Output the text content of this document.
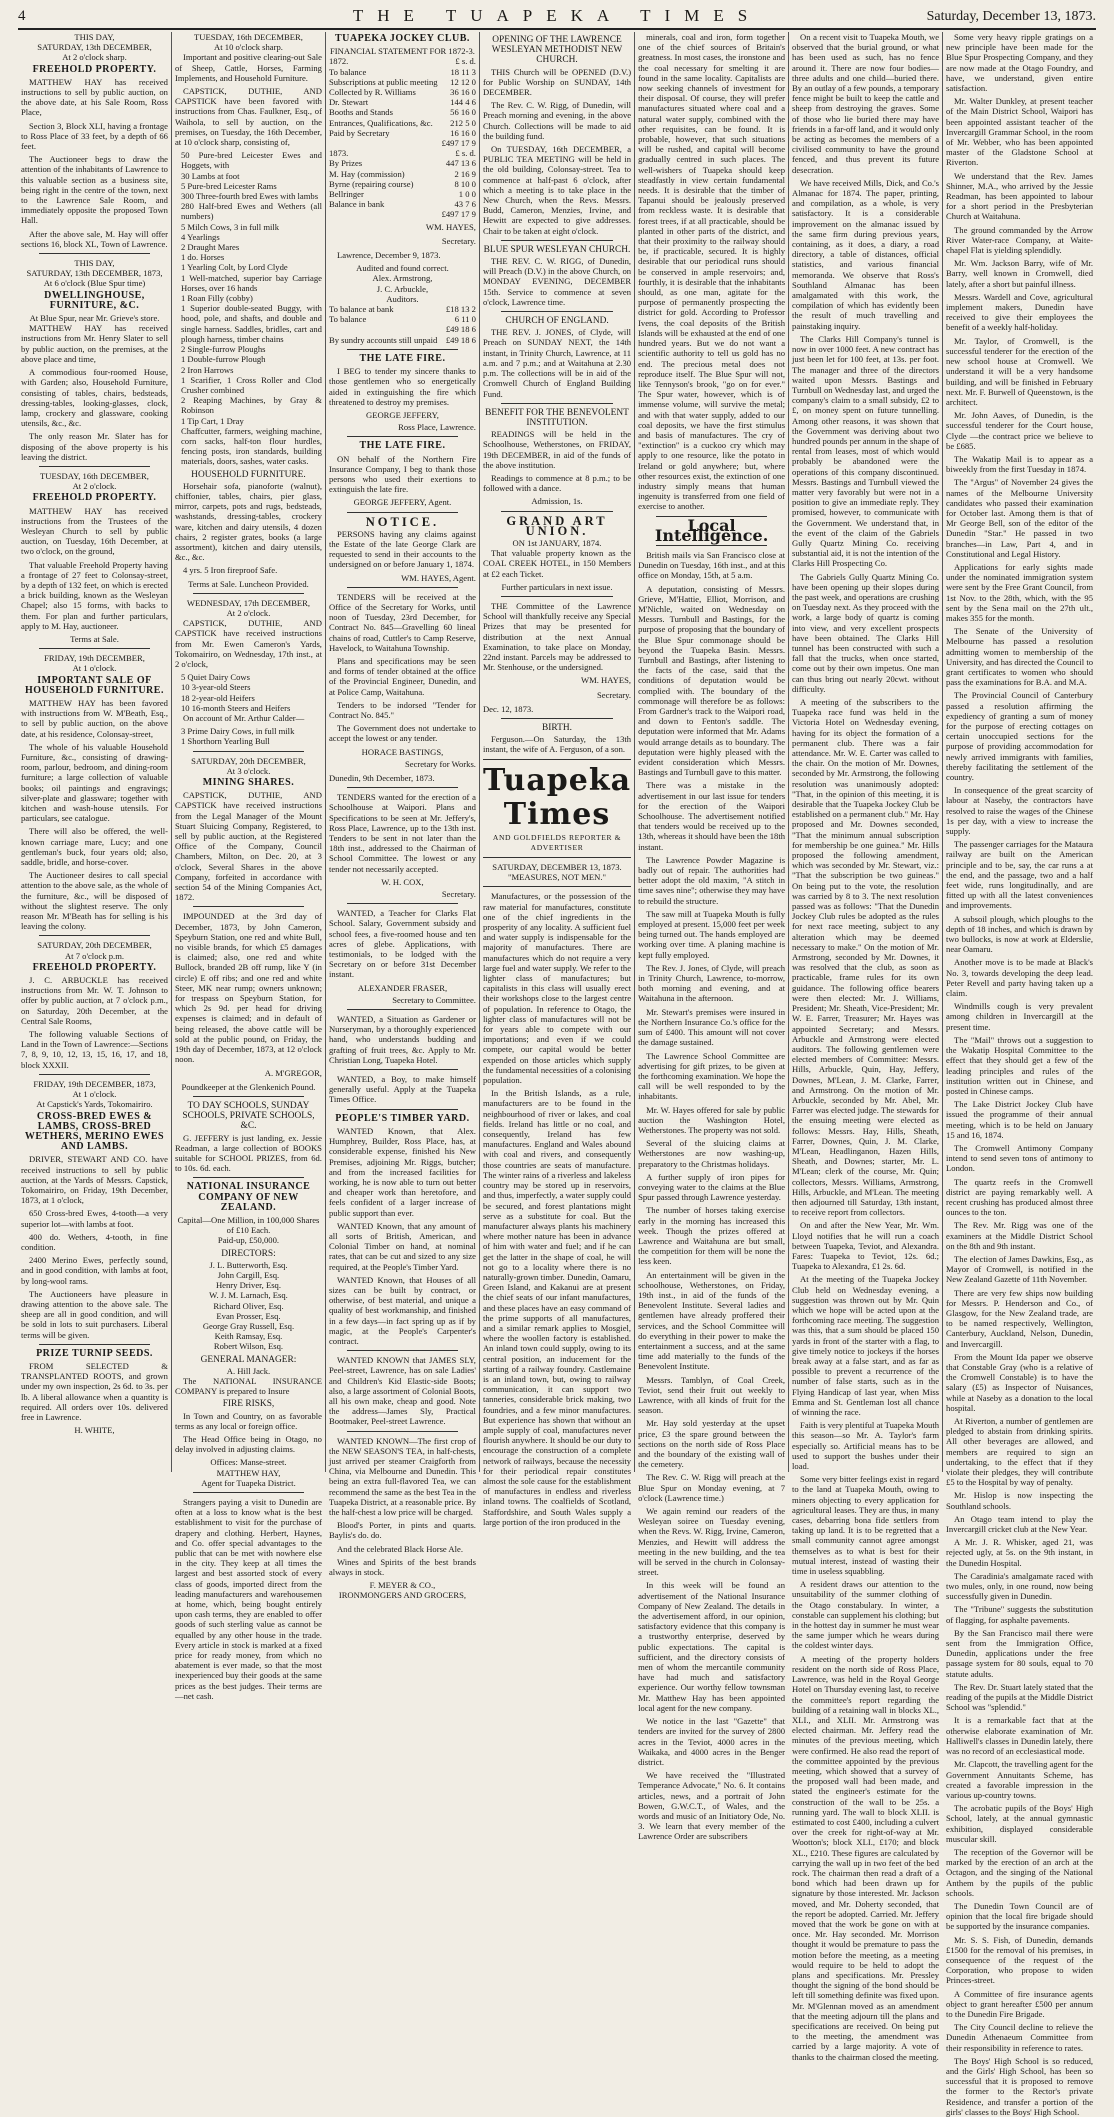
4	THE TUAPEKA TIMES	Saturday, December 13, 1873.
THIS DAY,
SATURDAY, 13th DECEMBER,
At 2 o'clock sharp.
FREEHOLD PROPERTY.

MATTHEW HAY has received instructions to sell by public auction, on the above date, at his Sale Room, Ross Place,

Section 3, Block XLI, having a frontage to Ross Place of 33 feet, by a depth of 66 feet.

The Auctioneer begs to draw the attention of the inhabitants of Lawrence to this valuable section as a business site, being right in the centre of the town, next to the Lawrence Sale Room, and immediately opposite the proposed Town Hall.

After the above sale, M. Hay will offer sections 16, block XL, Town of Lawrence.

THIS DAY,
SATURDAY, 13th DECEMBER, 1873,
At 6 o'clock (Blue Spur time)
DWELLINGHOUSE, FURNITURE, &C.
At Blue Spur, near Mr. Grieve's store.

MATTHEW HAY has received instructions from Mr. Henry Slater to sell by public auction, on the premises, at the above place and time,

A commodious four-roomed House, with Garden; also, Household Furniture, consisting of tables, chairs, bedsteads, dressing-tables, looking-glasses, clock, lamp, crockery and glassware, cooking utensils, &c., &c.

The only reason Mr. Slater has for disposing of the above property is his leaving the district.

TUESDAY, 16th DECEMBER,
At 2 o'clock.
FREEHOLD PROPERTY.

MATTHEW HAY has received instructions from the Trustees of the Wesleyan Church to sell by public auction, on Tuesday, 16th December, at two o'clock, on the ground,

That valuable Freehold Property having a frontage of 27 feet to Colonsay-street, by a depth of 132 feet, on which is erected a brick building, known as the Wesleyan Chapel; also 15 forms, with backs to them. For plan and further particulars, apply to M. Hay, auctioneer.

Terms at Sale.
FRIDAY, 19th DECEMBER,
At 1 o'clock.
IMPORTANT SALE OF HOUSEHOLD FURNITURE.

MATTHEW HAY has been favored with instructions from W. M'Beath, Esq., to sell by public auction, on the above date, at his residence, Colonsay-street,

The whole of his valuable Household Furniture, &c., consisting of drawing-room, parlour, bedroom, and dining-room furniture; a large collection of valuable books; oil paintings and engravings; silver-plate and glassware; together with kitchen and wash-house utensils. For particulars, see catalogue.

There will also be offered, the well-known carriage mare, Lucy; and one gentleman's buck, four years old; also, saddle, bridle, and horse-cover.

The Auctioneer desires to call special attention to the above sale, as the whole of the furniture, &c., will be disposed of without the slightest reserve. The only reason Mr. M'Beath has for selling is his leaving the colony.

SATURDAY, 20th DECEMBER,
At 7 o'clock p.m.
FREEHOLD PROPERTY.

J. C. ARBUCKLE has received instructions from Mr. W. T. Johnson to offer by public auction, at 7 o'clock p.m., on Saturday, 20th December, at the Central Sale Rooms,

The following valuable Sections of Land in the Town of Lawrence:—Sections 7, 8, 9, 10, 12, 13, 15, 16, 17, and 18, block XXXII.

FRIDAY, 19th DECEMBER, 1873,
At 1 o'clock.
At Capstick's Yards, Tokomairiro.
CROSS-BRED EWES & LAMBS, CROSS-BRED WETHERS, MERINO EWES AND LAMBS.

DRIVER, STEWART AND CO. have received instructions to sell by public auction, at the Yards of Messrs. Capstick, Tokomairiro, on Friday, 19th December, 1873, at 1 o'clock,

650 Cross-bred Ewes, 4-tooth—a very superior lot—with lambs at foot.

400 do. Wethers, 4-tooth, in fine condition.

2400 Merino Ewes, perfectly sound, and in good condition, with lambs at foot, by long-wool rams.

The Auctioneers have pleasure in drawing attention to the above sale. The sheep are all in good condition, and will be sold in lots to suit purchasers. Liberal terms will be given.

PRIZE TURNIP SEEDS.

FROM SELECTED & TRANSPLANTED ROOTS, and grown under my own inspection, 2s 6d. to 3s. per lb. A liberal allowance when a quantity is required. All orders over 10s. delivered free in Lawrence.

H. WHITE,
TUESDAY, 16th DECEMBER,
At 10 o'clock sharp.

Important and positive clearing-out Sale of Sheep, Cattle, Horses, Farming Implements, and Household Furniture.

CAPSTICK, DUTHIE, AND CAPSTICK have been favored with instructions from Chas. Faulkner, Esq., of Waihola, to sell by auction, on the premises, on Tuesday, the 16th December, at 10 o'clock sharp, consisting of,

50 Pure-bred Leicester Ewes and Hoggets, with
30 Lambs at foot
5 Pure-bred Leicester Rams
300 Three-fourth bred Ewes with lambs
280 Half-bred Ewes and Wethers (all numbers)
5 Milch Cows, 3 in full milk
4 Yearlings
2 Draught Mares
1 do. Horses
1 Yearling Colt, by Lord Clyde
1 Well-matched, superior bay Carriage Horses, over 16 hands
1 Roan Filly (cobby)
1 Superior double-seated Buggy, with hood, pole, and shafts, and double and single harness. Saddles, bridles, cart and plough harness, timber chains
2 Single-furrow Ploughs
1 Double-furrow Plough
2 Iron Harrows
1 Scarifier, 1 Cross Roller and Clod Crusher combined
2 Reaping Machines, by Gray & Robinson
1 Tip Cart, 1 Dray
Chaffcutter, farmers, weighing machine, corn sacks, half-ton flour hurdles, fencing posts, iron standards, building materials, doors, sashes, water casks.
HOUSEHOLD FURNITURE.

Horsehair sofa, pianoforte (walnut), chiffonier, tables, chairs, pier glass, mirror, carpets, pots and rugs, bedsteads, washstands, dressing-tables, crockery ware, kitchen and dairy utensils, 4 dozen chairs, 2 register grates, books (a large assortment), kitchen and dairy utensils, &c., &c.

4 yrs. 5 Iron fireproof Safe.

Terms at Sale. Luncheon Provided.
WEDNESDAY, 17th DECEMBER,
At 2 o'clock.

CAPSTICK, DUTHIE, AND CAPSTICK have received instructions from Mr. Ewen Cameron's Yards, Tokomairiro, on Wednesday, 17th inst., at 2 o'clock,

5 Quiet Dairy Cows
10 3-year-old Steers
18 2-year-old Heifers
10 16-month Steers and Heifers

On account of Mr. Arthur Calder—

3 Prime Dairy Cows, in full milk
1 Shorthorn Yearling Bull
SATURDAY, 20th DECEMBER,
At 3 o'clock.
MINING SHARES.

CAPSTICK, DUTHIE, AND CAPSTICK have received instructions from the Legal Manager of the Mount Stuart Sluicing Company, Registered, to sell by public auction, at the Registered Office of the Company, Council Chambers, Milton, on Dec. 20, at 3 o'clock, Several Shares in the above Company, forfeited in accordance with section 54 of the Mining Companies Act, 1872.

IMPOUNDED at the 3rd day of December, 1873, by John Cameron, Speyburn Station, one red and white Bull, no visible brands, for which £5 damages is claimed; also, one red and white Bullock, branded 2B off rump, like Y (in circle) E off ribs; and one red and white Steer, MK near rump; owners unknown; for trespass on Speyburn Station, for which 2s 9d. per head for driving expenses is claimed; and in default of being released, the above cattle will be sold at the public pound, on Friday, the 19th day of December, 1873, at 12 o'clock noon.

A. M'GREGOR,
Poundkeeper at the Glenkenich Pound.
TO DAY SCHOOLS, SUNDAY SCHOOLS, PRIVATE SCHOOLS, &C.

G. JEFFERY is just landing, ex. Jessie Readman, a large collection of BOOKS suitable for SCHOOL PRIZES, from 6d. to 10s. 6d. each.

NATIONAL INSURANCE COMPANY OF NEW ZEALAND.
Capital—One Million, in 100,000 Shares of £10 Each.
Paid-up, £50,000.
DIRECTORS:
J. L. Butterworth, Esq.
John Cargill, Esq.
Henry Driver, Esq.
W. J. M. Larnach, Esq.
Richard Oliver, Esq.
Evan Prosser, Esq.
George Gray Russell, Esq.
Keith Ramsay, Esq.
Robert Wilson, Esq.
GENERAL MANAGER:
A. Hill Jack.

The NATIONAL INSURANCE COMPANY is prepared to Insure

FIRE RISKS,

In Town and Country, on as favorable terms as any local or foreign office.

The Head Office being in Otago, no delay involved in adjusting claims.

Offices: Manse-street.
MATTHEW HAY,
Agent for Tuapeka District.

Strangers paying a visit to Dunedin are often at a loss to know what is the best establishment to visit for the purchase of drapery and clothing. Herbert, Haynes, and Co. offer special advantages to the public that can be met with nowhere else in the city. They keep at all times the largest and best assorted stock of every class of goods, imported direct from the leading manufacturers and warehousemen at home, which, being bought entirely upon cash terms, they are enabled to offer goods of such sterling value as cannot be equalled by any other house in the trade. Every article in stock is marked at a fixed price for ready money, from which no abatement is ever made, so that the most inexperienced buy their goods at the same prices as the best judges. Their terms are—net cash.

TUAPEKA JOCKEY CLUB.
FINANCIAL STATEMENT FOR 1872-3.
1872.	£ s. d.
To balance	18 11 3
Subscriptions at public meeting 12 12 0
Collected by R. Williams	36 16 0
Dr. Stewart	144 4 6
Booths and Stands	56 16 0
Entrances, Qualifications, &c. 212 5 0
Paid by Secretary	16 16 0
£497 17 9
1873.	£ s. d.
By Prizes	447 13 6
M. Hay (commission)	2 16 9
Byrne (repairing course)	8 10 0
Bellringer	1 0 0
Balance in bank	43 7 6
£497 17 9
WM. HAYES,
Secretary.

Lawrence, December 9, 1873.

Audited and found correct.
Alex. Armstrong,
J. C. Arbuckle,
Auditors.
To balance at bank	£18 13 2
To balance	6 11 0
£49 18 6
By sundry accounts still unpaid £49 18 6
THE LATE FIRE.

I BEG to tender my sincere thanks to those gentlemen who so energetically aided in extinguishing the fire which threatened to destroy my premises.

GEORGE JEFFERY,
Ross Place, Lawrence.
THE LATE FIRE.

ON behalf of the Northern Fire Insurance Company, I beg to thank those persons who used their exertions to extinguish the late fire.

GEORGE JEFFERY, Agent.
NOTICE.

PERSONS having any claims against the Estate of the late George Clark are requested to send in their accounts to the undersigned on or before January 1, 1874.

WM. HAYES, Agent.

TENDERS will be received at the Office of the Secretary for Works, until noon of Tuesday, 23rd December, for Contract No. 845—Gravelling 60 lineal chains of road, Cuttler's to Camp Reserve, Havelock, to Waitahuna Township.

Plans and specifications may be seen and forms of tender obtained at the office of the Provincial Engineer, Dunedin, and at Police Camp, Waitahuna.

Tenders to be indorsed "Tender for Contract No. 845."

The Government does not undertake to accept the lowest or any tender.

HORACE BASTINGS,
Secretary for Works.
Dunedin, 9th December, 1873.

TENDERS wanted for the erection of a Schoolhouse at Waipori. Plans and Specifications to be seen at Mr. Jeffery's, Ross Place, Lawrence, up to the 13th inst. Tenders to be sent in not later than the 18th inst., addressed to the Chairman of School Committee. The lowest or any tender not necessarily accepted.

W. H. COX,
Secretary.

WANTED, a Teacher for Clarks Flat School. Salary, Government subsidy and school fees, a five-roomed house and ten acres of glebe. Applications, with testimonials, to be lodged with the Secretary on or before 31st December instant.

ALEXANDER FRASER,
Secretary to Committee.

WANTED, a Situation as Gardener or Nurseryman, by a thoroughly experienced hand, who understands budding and grafting of fruit trees, &c. Apply to Mr. Christian Long, Tuapeka Hotel.

WANTED, a Boy, to make himself generally useful. Apply at the Tuapeka Times Office.

PEOPLE'S TIMBER YARD.

WANTED Known, that Alex. Humphrey, Builder, Ross Place, has, at considerable expense, finished his New Premises, adjoining Mr. Riggs, butcher; and from the increased facilities for working, he is now able to turn out better and cheaper work than heretofore, and feels confident of a larger increase of public support than ever.

WANTED Known, that any amount of all sorts of British, American, and Colonial Timber on hand, at nominal rates, that can be cut and sized to any size required, at the People's Timber Yard.

WANTED Known, that Houses of all sizes can be built by contract, or otherwise, of best material, and unique a quality of best workmanship, and finished in a few days—in fact spring up as if by magic, at the People's Carpenter's contract.

WANTED KNOWN that JAMES SLY, Peel-street, Lawrence, has on sale Ladies' and Children's Kid Elastic-side Boots; also, a large assortment of Colonial Boots, all his own make, cheap and good. Note the address—James Sly, Practical Bootmaker, Peel-street Lawrence.

WANTED KNOWN—The first crop of the NEW SEASON'S TEA, in half-chests, just arrived per steamer Craigforth from China, via Melbourne and Dunedin. This being an extra full-flavored Tea, we can recommend the same as the best Tea in the Tuapeka District, at a reasonable price. By the half-chest a low price will be charged.

Blood's Porter, in pints and quarts. Baylis's do. do.

And the celebrated Black Horse Ale.

Wines and Spirits of the best brands always in stock.

F. MEYER & CO.,
IRONMONGERS AND GROCERS,
OPENING OF THE LAWRENCE WESLEYAN METHODIST NEW CHURCH.

THIS Church will be OPENED (D.V.) for Public Worship on SUNDAY, 14th DECEMBER.

The Rev. C. W. Rigg, of Dunedin, will Preach morning and evening, in the above Church. Collections will be made to aid the building fund.

On TUESDAY, 16th DECEMBER, a PUBLIC TEA MEETING will be held in the old building, Colonsay-street. Tea to commence at half-past 6 o'clock, after which a meeting is to take place in the New Church, when the Revs. Messrs. Budd, Cameron, Menzies, Irvine, and Hewitt are expected to give addresses. Chair to be taken at eight o'clock.

BLUE SPUR WESLEYAN CHURCH.

THE REV. C. W. RIGG, of Dunedin, will Preach (D.V.) in the above Church, on MONDAY EVENING, DECEMBER 15th. Service to commence at seven o'clock, Lawrence time.

CHURCH OF ENGLAND.

THE REV. J. JONES, of Clyde, will Preach on SUNDAY NEXT, the 14th instant, in Trinity Church, Lawrence, at 11 a.m. and 7 p.m.; and at Waitahuna at 2.30 p.m. The collections will be in aid of the Cromwell Church of England Building Fund.

BENEFIT FOR THE BENEVOLENT INSTITUTION.

READINGS will be held in the Schoolhouse, Wetherstones, on FRIDAY, 19th DECEMBER, in aid of the funds of the above institution.

Readings to commence at 8 p.m.; to be followed with a dance.

Admission, 1s.
GRAND ART UNION.
ON 1st JANUARY, 1874.

That valuable property known as the COAL CREEK HOTEL, in 150 Members at £2 each Ticket.

Further particulars in next issue.

THE Committee of the Lawrence School will thankfully receive any Special Prizes that may be presented for distribution at the next Annual Examination, to take place on Monday, 22nd instant. Parcels may be addressed to Mr. Stenhouse, or the undersigned.

WM. HAYES,
Secretary.
Dec. 12, 1873.
BIRTH.

Ferguson.—On Saturday, the 13th instant, the wife of A. Ferguson, of a son.

Tuapeka Times
AND GOLDFIELDS REPORTER & ADVERTISER
SATURDAY, DECEMBER 13, 1873.
"MEASURES, NOT MEN."

Manufactures, or the possession of the raw material for manufactures, constitute one of the chief ingredients in the prosperity of any locality. A sufficient fuel and water supply is indispensable for the majority of manufactures. There are manufactures which do not require a very large fuel and water supply. We refer to the lighter class of manufactures; but capitalists in this class will usually erect their workshops close to the largest centre of population. In reference to Otago, the lighter class of manufactures will not be for years able to compete with our importations; and even if we could compete, our capital would be better expended on those articles which supply the fundamental necessities of a colonising population.

In the British Islands, as a rule, manufacturers are to be found in the neighbourhood of river or lakes, and coal fields. Ireland has little or no coal, and consequently, Ireland has few manufactures. England and Wales abound with coal and rivers, and consequently those countries are seats of manufacture. The winter rains of a riverless and lakeless country may be stored up in reservoirs, and thus, imperfectly, a water supply could be secured, and forest plantations might serve as a substitute for coal. But the manufacturer always plants his machinery where mother nature has been in advance of him with water and fuel; and if he can get the latter in the shape of coal, he will not go to a locality where there is no naturally-grown timber. Dunedin, Oamaru, Green Island, and Kakanui are at present the chief seats of our infant manufactures, and these places have an easy command of the prime supports of all manufactures, and a similar remark applies to Mosgiel, where the woollen factory is established. An inland town could supply, owing to its central position, an inducement for the starting of a railway foundry. Castlemaine is an inland town, but, owing to railway communication, it can support two tanneries, considerable brick making, two foundries, and a few minor manufactures. But experience has shown that without an ample supply of coal, manufactures never flourish anywhere. It should be our duty to encourage the construction of a complete network of railways, because the necessity for their periodical repair constitutes almost the sole cause for the establishment of manufactures in endless and riverless inland towns. The coalfields of Scotland, Staffordshire, and South Wales supply a large portion of the iron produced in the

minerals, coal and iron, form together one of the chief sources of Britain's greatness. In most cases, the ironstone and the coal necessary for smelting it are found in the same locality. Capitalists are now seeking channels of investment for their disposal. Of course, they will prefer manufactures situated where coal and a natural water supply, combined with the other requisites, can be found. It is probable, however, that such situations will be rushed, and capital will become gradually centred in such places. The well-wishers of Tuapeka should keep steadfastly in view certain fundamental needs. It is desirable that the timber of Tapanui should be jealously preserved from reckless waste. It is desirable that forest trees, if at all practicable, should be planted in other parts of the district, and that their proximity to the railway should be, if practicable, secured. It is highly desirable that our periodical runs should be conserved in ample reservoirs; and, fourthly, it is desirable that the inhabitants should, as one man, agitate for the purpose of permanently prospecting the district for gold. According to Professor Ivens, the coal deposits of the British Islands will be exhausted at the end of one hundred years. But we do not want a scientific authority to tell us gold has no end. The precious metal does not reproduce itself. The Blue Spur will not, like Tennyson's brook, "go on for ever." The Spur water, however, which is of immense volume, will survive the metal; and with that water supply, added to our coal deposits, we have the first stimulus and basis of manufactures. The cry of "extinction" is a cuckoo cry which may apply to one resource, like the potato in Ireland or gold anywhere; but, where other resources exist, the extinction of one industry simply means that human ingenuity is transferred from one field of exercise to another.

Local Intelligence.

British mails via San Francisco close at Dunedin on Tuesday, 16th inst., and at this office on Monday, 15th, at 5 a.m.

A deputation, consisting of Messrs. Grieve, M'Hattie, Elliot, Morrison, and M'Nichle, waited on Wednesday on Messrs. Turnbull and Bastings, for the purpose of proposing that the boundary of the Blue Spur commonage should be beyond the Tuapeka Basin. Messrs. Turnbull and Bastings, after listening to the facts of the case, said that the conditions of deputation would be complied with. The boundary of the commonage will therefore be as follows: From Gardner's track to the Waipori road, and down to Fenton's saddle. The deputation were informed that Mr. Adams would arrange details as to boundary. The deputation were highly pleased with the evident consideration which Messrs. Bastings and Turnbull gave to this matter.

There was a mistake in the advertisement in our last issue for tenders for the erection of the Waipori Schoolhouse. The advertisement notified that tenders would be received up to the 13th, whereas it should have been the 18th instant.

The Lawrence Powder Magazine is badly out of repair. The authorities had better adopt the old maxim, "A stitch in time saves nine"; otherwise they may have to rebuild the structure.

The saw mill at Tuapeka Mouth is fully employed at present. 15,000 feet per week being turned out. The hands employed are working over time. A planing machine is kept fully employed.

The Rev. J. Jones, of Clyde, will preach in Trinity Church, Lawrence, to-morrow, both morning and evening, and at Waitahuna in the afternoon.

Mr. Stewart's premises were insured in the Northern Insurance Co.'s office for the sum of £400. This amount will not cover the damage sustained.

The Lawrence School Committee are advertising for gift prizes, to be given at the forthcoming examination. We hope the call will be well responded to by the inhabitants.

Mr. W. Hayes offered for sale by public auction the Washington Hotel, Wetherstones. The property was not sold.

Several of the sluicing claims at Wetherstones are now washing-up, preparatory to the Christmas holidays.

A further supply of iron pipes for conveying water to the claims at the Blue Spur passed through Lawrence yesterday.

The number of horses taking exercise early in the morning has increased this week. Though the prizes offered at Lawrence and Waitahuna are but small, the competition for them will be none the less keen.

An entertainment will be given in the schoolhouse, Wetherstones, on Friday, 19th inst., in aid of the funds of the Benevolent Institute. Several ladies and gentlemen have already proffered their services, and the School Committee will do everything in their power to make the entertainment a success, and at the same time add materially to the funds of the Benevolent Institute.

Messrs. Tamblyn, of Coal Creek, Teviot, send their fruit out weekly to Lawrence, with all kinds of fruit for the season.

Mr. Hay sold yesterday at the upset price, £3 the spare ground between the sections on the north side of Ross Place and the boundary of the existing wall of the cemetery.

The Rev. C. W. Rigg will preach at the Blue Spur on Monday evening, at 7 o'clock (Lawrence time.)

We again remind our readers of the Wesleyan soiree on Tuesday evening, when the Revs. W. Rigg, Irvine, Cameron, Menzies, and Hewitt will address the meeting in the new building, and the tea will be served in the church in Colonsay-street.

In this week will be found an advertisement of the National Insurance Company of New Zealand. The details in the advertisement afford, in our opinion, satisfactory evidence that this company is a trustworthy enterprise, deserved by public expectations. The capital is sufficient, and the directory consists of men of whom the mercantile community have had much and satisfactory experience. Our worthy fellow townsman Mr. Matthew Hay has been appointed local agent for the new company.

We notice in the last "Gazette" that tenders are invited for the survey of 2800 acres in the Teviot, 4000 acres in the Waikaka, and 4000 acres in the Benger district.

We have received the "Illustrated Temperance Advocate," No. 6. It contains articles, news, and a portrait of John Bowen, G.W.C.T., of Wales, and the words and music of an Initiatory Ode, No. 3. We learn that every member of the Lawrence Order are subscribers

On a recent visit to Tuapeka Mouth, we observed that the burial ground, or what has been used as such, has no fence around it. There are now four bodies—three adults and one child—buried there. By an outlay of a few pounds, a temporary fence might be built to keep the cattle and sheep from destroying the graves. Some of those who lie buried there may have friends in a far-off land, and it would only be acting as becomes the members of a civilised community to have the ground fenced, and thus prevent its future desecration.

We have received Mills, Dick, and Co.'s Almanac for 1874. The paper, printing, and compilation, as a whole, is very satisfactory. It is a considerable improvement on the almanac issued by the same firm during previous years, containing, as it does, a diary, a road directory, a table of distances, official statistics, and various financial memoranda. We observe that Ross's Southland Almanac has been amalgamated with this work, the compilation of which has evidently been the result of much travelling and painstaking inquiry.

The Clarks Hill Company's tunnel is now in over 1000 feet. A new contract has just been let for 100 feet, at 13s. per foot. The manager and three of the directors waited upon Messrs. Bastings and Turnbull on Wednesday last, and urged the company's claim to a small subsidy, £2 to £, on money spent on future tunnelling. Among other reasons, it was shown that the Government was deriving about two hundred pounds per annum in the shape of rental from leases, most of which would probably be abandoned were the operations of this company discontinued. Messrs. Bastings and Turnbull viewed the matter very favorably but were not in a position to give an immediate reply. They promised, however, to communicate with the Government. We understand that, in the event of the claim of the Gabriels Gully Quartz Mining Co. receiving substantial aid, it is not the intention of the Clarks Hill Prospecting Co.

The Gabriels Gully Quartz Mining Co. have been opening up their slopes during the past week, and operations are crushing on Tuesday next. As they proceed with the work, a large body of quartz is coming into view, and very excellent prospects have been obtained. The Clarks Hill tunnel has been constructed with such a fall that the trucks, when once started, come out by their own impetus. One man can thus bring out nearly 20cwt. without difficulty.

A meeting of the subscribers to the Tuapeka race fund was held in the Victoria Hotel on Wednesday evening, having for its object the formation of a permanent club. There was a fair attendance. Mr. W. E. Carter was called to the chair. On the motion of Mr. Downes, seconded by Mr. Armstrong, the following resolution was unanimously adopted: "That, in the opinion of this meeting, it is desirable that the Tuapeka Jockey Club be established on a permanent club." Mr. Hay proposed and Mr. Downes seconded, "That the minimum annual subscription for membership be one guinea." Mr. Hills proposed the following amendment, which was seconded by Mr. Stewart, viz.: "That the subscription be two guineas." On being put to the vote, the resolution was carried by 8 to 3. The next resolution passed was as follows: "That the Dunedin Jockey Club rules be adopted as the rules for next race meeting, subject to any alteration which may be deemed necessary to make." On the motion of Mr. Armstrong, seconded by Mr. Downes, it was resolved that the club, as soon as practicable, frame rules for its own guidance. The following office bearers were then elected: Mr. J. Williams, President; Mr. Sheath, Vice-President; Mr. W. E. Farrer, Treasurer; Mr. Hayes was appointed Secretary; and Messrs. Arbuckle and Armstrong were elected auditors. The following gentlemen were elected members of Committee: Messrs. Hills, Arbuckle, Quin, Hay, Jeffery, Downes, M'Lean, J. M. Clarke, Farrer, and Armstrong. On the motion of Mr. Arbuckle, seconded by Mr. Abel, Mr. Farrer was elected judge. The stewards for the ensuing meeting were elected as follows: Messrs. Hay, Hills, Sheath, Farrer, Downes, Quin, J. M. Clarke, M'Lean, Headlinganon, Hazen Hills, Sheath, and Downes; starter, Mr. L. M'Lean; clerk of the course, Mr. Quin; collectors, Messrs. Williams, Armstrong, Hills, Arbuckle, and M'Lean. The meeting then adjourned till Saturday, 13th instant, to receive report from collectors.

On and after the New Year, Mr. Wm. Lloyd notifies that he will run a coach between Tuapeka, Teviot, and Alexandra. Fares: Tuapeka to Teviot, 12s. 6d.; Tuapeka to Alexandra, £1 2s. 6d.

At the meeting of the Tuapeka Jockey Club held on Wednesday evening, a suggestion was thrown out by Mr. Quin which we hope will be acted upon at the forthcoming race meeting. The suggestion was this, that a sum should be placed 150 yards in front of the starter with a flag, to give timely notice to jockeys if the horses break away at a false start, and as far as possible to prevent a recurrence of the number of false starts, such as in the Flying Handicap of last year, when Miss Emma and St. Gentleman lost all chance of winning the race.

Faith is very plentiful at Tuapeka Mouth this season—so Mr. A. Taylor's farm especially so. Artificial means has to be used to support the bushes under their load.

Some very bitter feelings exist in regard to the land at Tuapeka Mouth, owing to miners objecting to every application for agricultural leases. They are thus, in many cases, debarring bona fide settlers from taking up land. It is to be regretted that a small community cannot agree amongst themselves as to what is best for their mutual interest, instead of wasting their time in useless squabbling.

A resident draws our attention to the unsuitability of the summer clothing of the Otago constabulary. In winter, a constable can supplement his clothing; but in the hottest day in summer he must wear the same jumper which he wears during the coldest winter days.

A meeting of the property holders resident on the north side of Ross Place, Lawrence, was held in the Royal George Hotel on Thursday evening last, to receive the committee's report regarding the building of a retaining wall in blocks XL., XLI., and XLII. Mr. Armstrong was elected chairman. Mr. Jeffery read the minutes of the previous meeting, which were confirmed. He also read the report of the committee appointed by the previous meeting, which showed that a survey of the proposed wall had been made, and stated the engineer's estimate for the construction of the wall to be 25s. a running yard. The wall to block XLII. is estimated to cost £400, including a culvert over the creek for right-of-way at Mr. Wootton's; block XLI., £170; and block XL., £210. These figures are calculated by carrying the wall up in two feet of the bed rock. The chairman then read a draft of a bond which had been drawn up for signature by those interested. Mr. Jackson moved, and Mr. Doherty seconded, that the report be adopted. Carried. Mr. Jeffery moved that the work be gone on with at once. Mr. Hay seconded. Mr. Morrison thought it would be premature to pass the motion before the meeting, as a meeting would require to be held to adopt the plans and specifications. Mr. Pressley thought the signing of the bond should be left till something definite was fixed upon. Mr. M'Glennan moved as an amendment that the meeting adjourn till the plans and specifications are received. On being put to the meeting, the amendment was carried by a large majority. A vote of thanks to the chairman closed the meeting.

Some very heavy ripple gratings on a new principle have been made for the Blue Spur Prospecting Company, and they are now made at the Otago Foundry, and have, we understand, given entire satisfaction.

Mr. Walter Dunkley, at present teacher of the Main District School, Waipori has been appointed assistant teacher of the Invercargill Grammar School, in the room of Mr. Webber, who has been appointed master of the Gladstone School at Riverton.

We understand that the Rev. James Shinner, M.A., who arrived by the Jessie Readman, has been appointed to labour for a short period in the Presbyterian Church at Waitahuna.

The ground commanded by the Arrow River Water-race Company, at Waite-chapel Flat is yielding splendidly.

Mr. Wm. Jackson Barry, wife of Mr. Barry, well known in Cromwell, died lately, after a short but painful illness.

Messrs. Wardell and Cove, agricultural implement makers, Dunedin have received to give their employees the benefit of a weekly half-holiday.

Mr. Taylor, of Cromwell, is the successful tenderer for the erection of the new school house at Cromwell. We understand it will be a very handsome building, and will be finished in February next. Mr. F. Burwell of Queenstown, is the architect.

Mr. John Aaves, of Dunedin, is the successful tenderer for the Court house, Clyde —the contract price we believe to be £685.

The Wakatip Mail is to appear as a biweekly from the first Tuesday in 1874.

The "Argus" of November 24 gives the names of the Melbourne University candidates who passed their examination for October last. Among them is that of Mr George Bell, son of the editor of the Dunedin "Star." He passed in two branches—in Law, Part 4, and in Constitutional and Legal History.

Applications for early sights made under the nominated immigration system were sent by the Free Grant Council, from 1st Nov. to the 28th, which, with the 95 sent by the Sena mail on the 27th ult., makes 355 for the month.

The Senate of the University of Melbourne has passed a resolution admitting women to membership of the University, and has directed the Council to grant certificates to women who should pass the examinations for B.A. and M.A.

The Provincial Council of Canterbury passed a resolution affirming the expediency of granting a sum of money for the purpose of erecting cottages on certain unoccupied sections for the purpose of providing accommodation for newly arrived immigrants with families, thereby facilitating the settlement of the country.

In consequence of the great scarcity of labour at Naseby, the contractors have resolved to raise the wages of the Chinese 1s per day, with a view to increase the supply.

The passenger carriages for the Mataura railway are built on the American principle and to be, say, the car runs a at the end, and the passage, two and a half feet wide, runs longitudinally, and are fitted up with all the latest conveniences and improvements.

A subsoil plough, which ploughs to the depth of 18 inches, and which is drawn by two bullocks, is now at work at Elderslie, near Oamaru.

Another move is to be made at Black's No. 3, towards developing the deep lead. Peter Revell and party having taken up a claim.

Windmills cough is very prevalent among children in Invercargill at the present time.

The "Mail" throws out a suggestion to the Wakatip Hospital Committee to the effect that they should get a few of the leading principles and rules of the institution written out in Chinese, and posted in Chinese camps.

The Lake District Jockey Club have issued the programme of their annual meeting, which is to be held on January 15 and 16, 1874.

The Cromwell Antimony Company intend to send seven tons of antimony to London.

The quartz reefs in the Cromwell district are paying remarkably well. A recent crushing has produced almost three ounces to the ton.

The Rev. Mr. Rigg was one of the examiners at the Middle District School on the 8th and 9th instant.

The election of James Dawkins, Esq., as Mayor of Cromwell, is notified in the New Zealand Gazette of 11th November.

There are very few ships now building for Messrs. P. Henderson and Co., of Glasgow, for the New Zealand trade, are to be named respectively, Wellington, Canterbury, Auckland, Nelson, Dunedin, and Invercargill.

From the Mount Ida paper we observe that Constable Gray (who is a relative of the Cromwell Constable) is to have the salary (£5) as Inspector of Nuisances, while at Naseby as a donation to the local hospital.

At Riverton, a number of gentlemen are pledged to abstain from drinking spirits. All other beverages are allowed, and members are required to sign an undertaking, to the effect that if they violate their pledges, they will contribute £5 to the Hospital by way of penalty.

Mr. Hislop is now inspecting the Southland schools.

An Otago team intend to play the Invercargill cricket club at the New Year.

A Mr. J. R. Whisker, aged 21, was rejected ugly, at 5s. on the 9th instant, in the Dunedin Hospital.

The Caradinia's amalgamate raced with two mules, only, in one round, now being successfully given in Dunedin.

The "Tribune" suggests the substitution of flagging, for asphalte pavements.

By the San Francisco mail there were sent from the Immigration Office, Dunedin, applications under the free passage system for 80 souls, equal to 70 statute adults.

The Rev. Dr. Stuart lately stated that the reading of the pupils at the Middle District School was "splendid."

It is a remarkable fact that at the otherwise elaborate examination of Mr. Halliwell's classes in Dunedin lately, there was no record of an ecclesiastical mode.

Mr. Clapcott, the travelling agent for the Government Annuitants Scheme, has created a favorable impression in the various up-country towns.

The acrobatic pupils of the Boys' High School, lately, at the annual gymnastic exhibition, displayed considerable muscular skill.

The reception of the Governor will be marked by the erection of an arch at the Octagon, and the singing of the National Anthem by the pupils of the public schools.

The Dunedin Town Council are of opinion that the local fire brigade should be supported by the insurance companies.

Mr. S. S. Fish, of Dunedin, demands £1500 for the removal of his premises, in consequence of the request of the Corporation, who propose to widen Princes-street.

A Committee of fire insurance agents object to grant hereafter £500 per annum to the Dunedin Fire Brigade.

The City Council decline to relieve the Dunedin Athenaeum Committee from their responsibility in reference to rates.

The Boys' High School is so reduced, and the Girls' High School, has been so successful that it is proposed to remove the former to the Rector's private Residence, and transfer a portion of the girls' classes to the Boys' High School.
